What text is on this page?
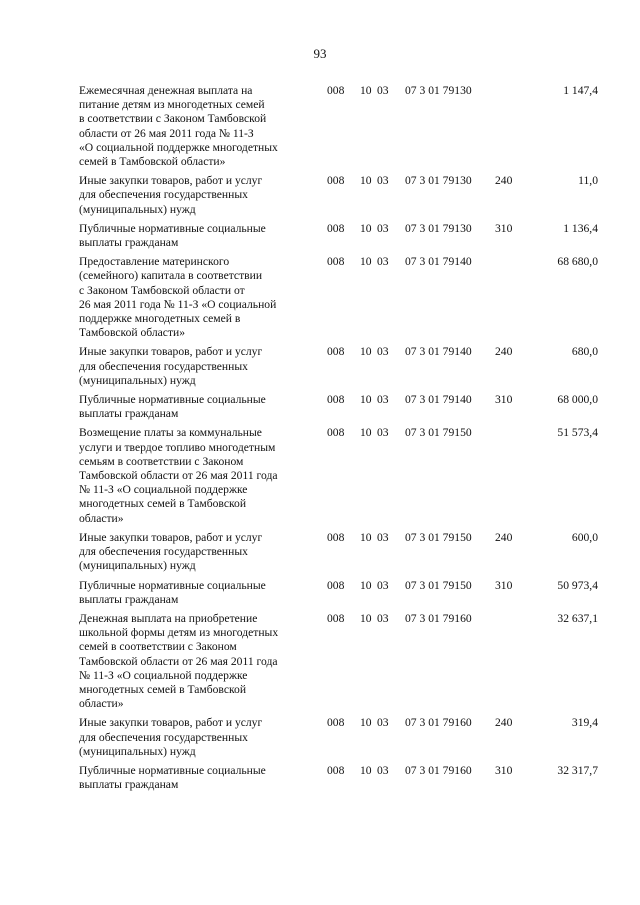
93
Ежемесячная денежная выплата на
питание детям из многодетных семей
в соответствии с Законом Тамбовской
области от 26 мая 2011 года № 11-З
«О социальной поддержке многодетных
семей в Тамбовской области»
008 10 03 07 3 01 79130	1 147,4
Иные закупки товаров, работ и услуг
для обеспечения государственных
(муниципальных) нужд
008 10 03 07 3 01 79130 240	11,0
Публичные нормативные социальные
выплаты гражданам
008 10 03 07 3 01 79130 310	1 136,4
Предоставление материнского
(семейного) капитала в соответствии
с Законом Тамбовской области от
26 мая 2011 года № 11-З «О социальной
поддержке многодетных семей в
Тамбовской области»
008 10 03 07 3 01 79140	68 680,0
Иные закупки товаров, работ и услуг
для обеспечения государственных
(муниципальных) нужд
008 10 03 07 3 01 79140 240	680,0
Публичные нормативные социальные
выплаты гражданам
008 10 03 07 3 01 79140 310	68 000,0
Возмещение платы за коммунальные
услуги и твердое топливо многодетным
семьям в соответствии с Законом
Тамбовской области от 26 мая 2011 года
№ 11-З «О социальной поддержке
многодетных семей в Тамбовской
области»
008 10 03 07 3 01 79150	51 573,4
Иные закупки товаров, работ и услуг
для обеспечения государственных
(муниципальных) нужд
008 10 03 07 3 01 79150 240	600,0
Публичные нормативные социальные
выплаты гражданам
008 10 03 07 3 01 79150 310	50 973,4
Денежная выплата на приобретение
школьной формы детям из многодетных
семей в соответствии с Законом
Тамбовской области от 26 мая 2011 года
№ 11-З «О социальной поддержке
многодетных семей в Тамбовской
области»
008 10 03 07 3 01 79160	32 637,1
Иные закупки товаров, работ и услуг
для обеспечения государственных
(муниципальных) нужд
008 10 03 07 3 01 79160 240	319,4
Публичные нормативные социальные
выплаты гражданам
008 10 03 07 3 01 79160 310	32 317,7
